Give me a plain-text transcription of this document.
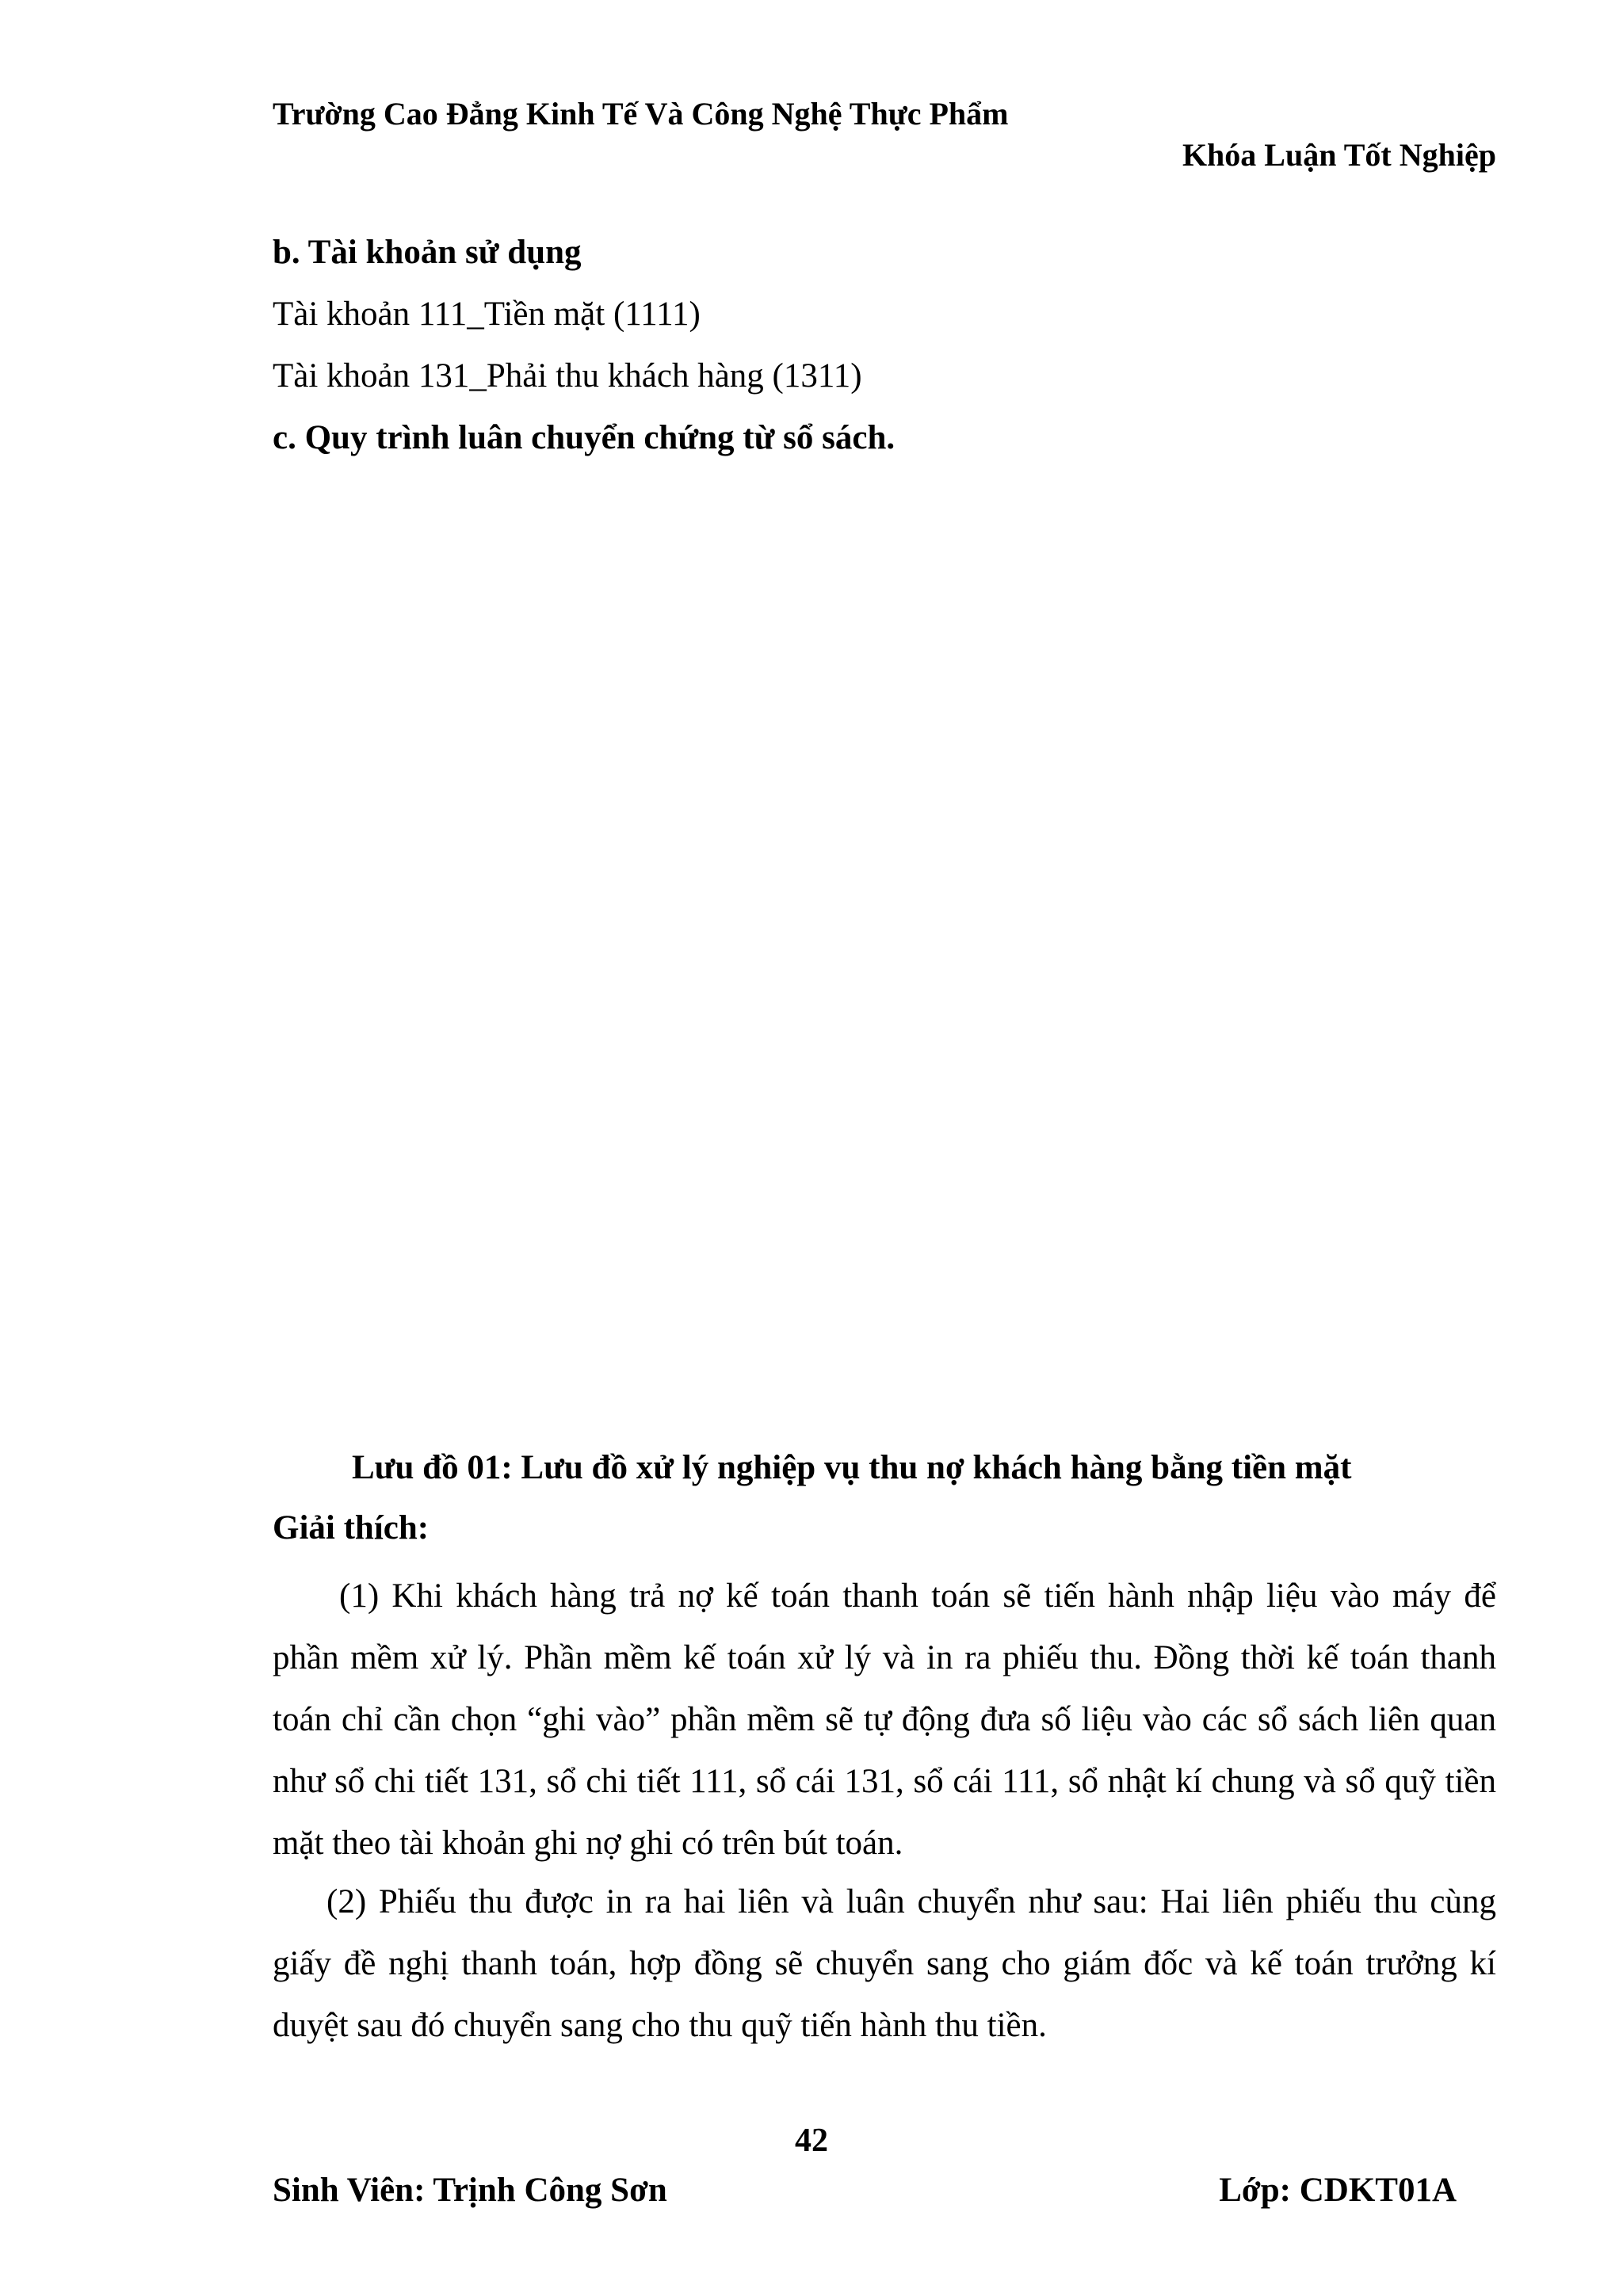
Trường Cao Đẳng Kinh Tế Và Công Nghệ Thực Phẩm
Khóa Luận Tốt Nghiệp
b. Tài khoản sử dụng
Tài khoản 111_Tiền mặt (1111)
Tài khoản 131_Phải thu khách hàng (1311)
c. Quy trình luân chuyển chứng từ sổ sách.
Lưu đồ 01: Lưu đồ xử lý nghiệp vụ thu nợ khách hàng bằng tiền mặt
Giải thích:
(1) Khi khách hàng trả nợ kế toán thanh toán sẽ tiến hành nhập liệu vào máy để phần mềm xử lý. Phần mềm kế toán xử lý và in ra phiếu thu. Đồng thời kế toán thanh toán chỉ cần chọn “ghi vào” phần mềm sẽ tự động đưa số liệu vào các sổ sách liên quan như sổ chi tiết 131, sổ chi tiết 111, sổ cái 131, sổ cái 111, sổ nhật kí chung và sổ quỹ tiền mặt theo tài khoản ghi nợ ghi có trên bút toán.
(2) Phiếu thu được in ra hai liên và luân chuyển như sau: Hai liên phiếu thu cùng giấy đề nghị thanh toán, hợp đồng sẽ chuyển sang cho giám đốc và kế toán trưởng kí duyệt sau đó chuyển sang cho thu quỹ tiến hành thu tiền.
42
Sinh Viên: Trịnh Công Sơn	Lớp: CDKT01A
